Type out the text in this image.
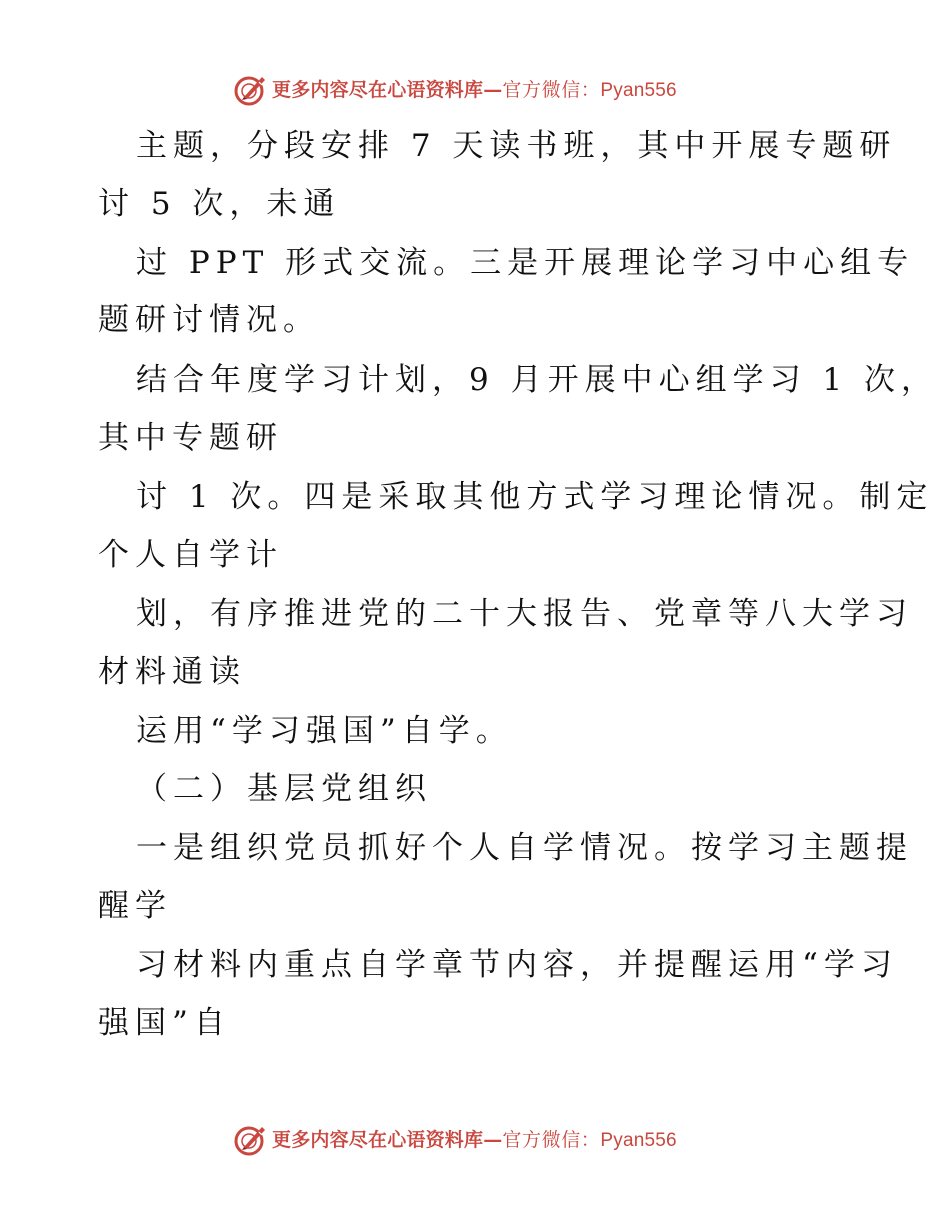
更多内容尽在心语资料库—官方微信：Pyan556
主题，分段安排 7 天读书班，其中开展专题研
讨 5 次，未通
过 PPT 形式交流。三是开展理论学习中心组专
题研讨情况。
结合年度学习计划，9 月开展中心组学习 1 次，
其中专题研
讨 1 次。四是采取其他方式学习理论情况。制定
个人自学计
划，有序推进党的二十大报告、党章等八大学习
材料通读
运用“学习强国”自学。
（二）基层党组织
一是组织党员抓好个人自学情况。按学习主题提
醒学
习材料内重点自学章节内容，并提醒运用“学习
强国”自
更多内容尽在心语资料库—官方微信：Pyan556
